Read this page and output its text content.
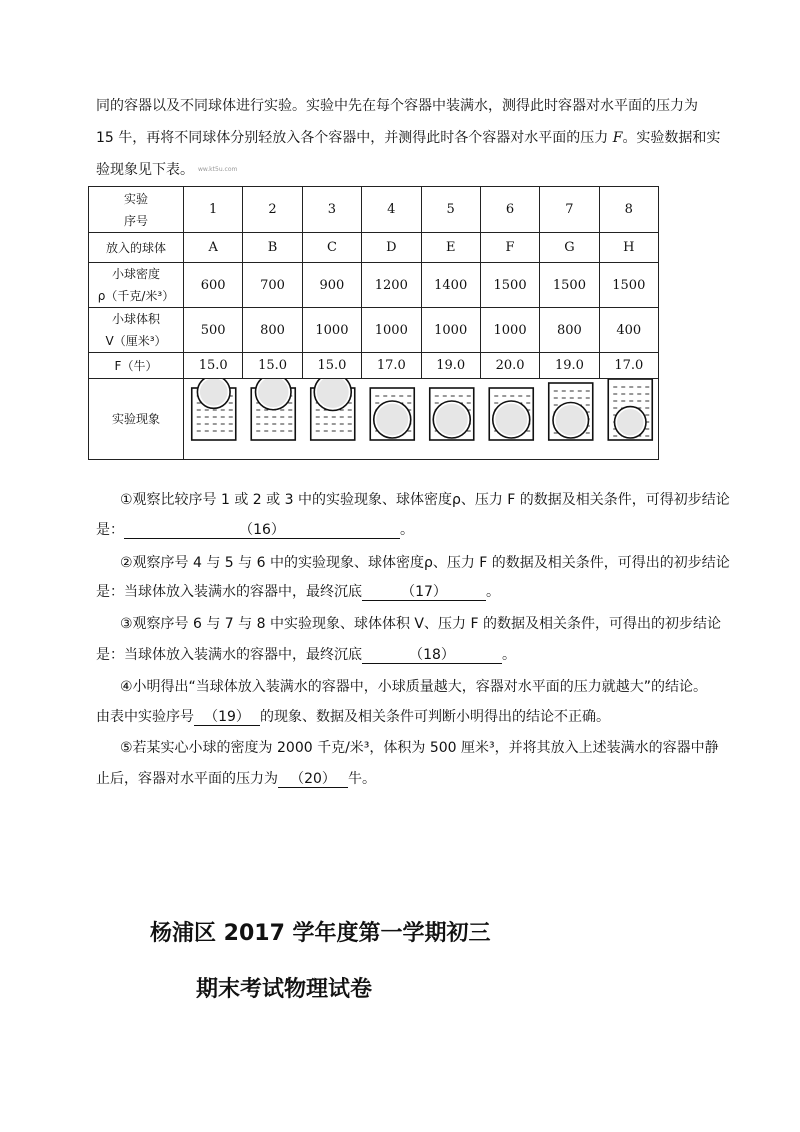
同的容器以及不同球体进行实验。实验中先在每个容器中装满水，测得此时容器对水平面的压力为
15 牛，再将不同球体分别轻放入各个容器中，并测得此时各个容器对水平面的压力 F。实验数据和实
验现象见下表。 ww.kt5u.com
实验
序号	1	2	3	4	5	6	7	8
放入的球体	A	B	C	D	E	F	G	H

小球密度
ρ（千克/米³）	600	700	900	1200	1400	1500	1500	1500

小球体积
V（厘米³）	500	800	1000	1000	1000	1000	800	400
F（牛）	15.0	15.0	15.0	17.0	19.0	20.0	19.0	17.0
实验现象	
①观察比较序号 1 或 2 或 3 中的实验现象、球体密度ρ、压力 F 的数据及相关条件，可得初步结论
是：	（16）	。
②观察序号 4 与 5 与 6 中的实验现象、球体密度ρ、压力 F 的数据及相关条件，可得出的初步结论
是：当球体放入装满水的容器中，最终沉底	（17）	。
③观察序号 6 与 7 与 8 中实验现象、球体体积 V、压力 F 的数据及相关条件，可得出的初步结论
是：当球体放入装满水的容器中，最终沉底	（18）	。
④小明得出“当球体放入装满水的容器中，小球质量越大，容器对水平面的压力就越大”的结论。
由表中实验序号 （19） 的现象、数据及相关条件可判断小明得出的结论不正确。
⑤若某实心小球的密度为 2000 千克/米³，体积为 500 厘米³，并将其放入上述装满水的容器中静
止后，容器对水平面的压力为 （20） 牛。
杨浦区 2017 学年度第一学期初三
期末考试物理试卷
